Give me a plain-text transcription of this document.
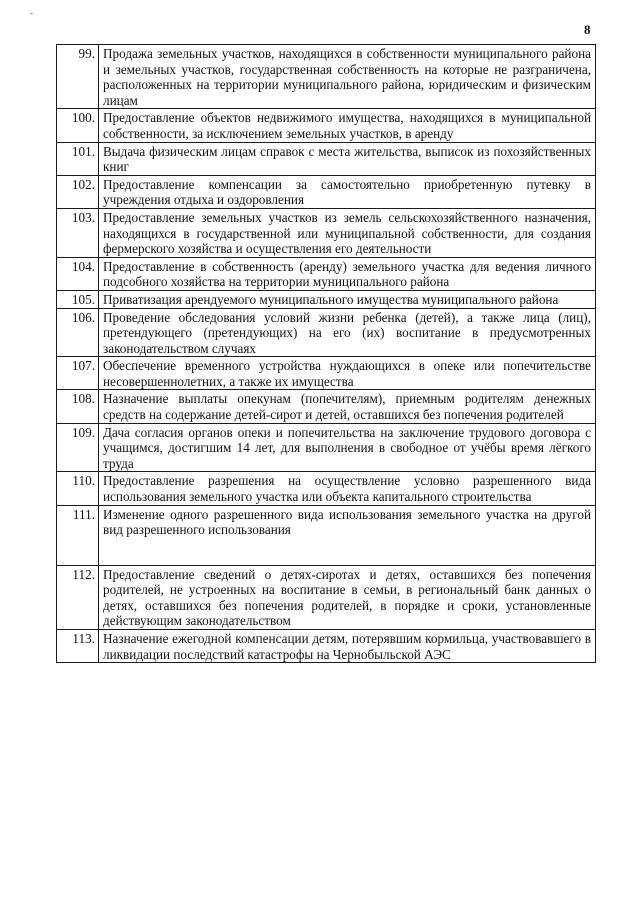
-
8
99.	Продажа земельных участков, находящихся в собственности муниципального района и земельных участков, государственная собственность на которые не разграничена, расположенных на территории муниципального района, юридическим и физическим лицам
100.	Предоставление объектов недвижимого имущества, находящихся в муниципальной собственности, за исключением земельных участков, в аренду
101.	Выдача физическим лицам справок с места жительства, выписок из похозяйственных книг
102.	Предоставление компенсации за самостоятельно приобретенную путевку в учреждения отдыха и оздоровления
103.	Предоставление земельных участков из земель сельскохозяйственного назначения, находящихся в государственной или муниципальной собственности, для создания фермерского хозяйства и осуществления его деятельности
104.	Предоставление в собственность (аренду) земельного участка для ведения личного подсобного хозяйства на территории муниципального района
105.	Приватизация арендуемого муниципального имущества муниципального района
106.	Проведение обследования условий жизни ребенка (детей), а также лица (лиц), претендующего (претендующих) на его (их) воспитание в предусмотренных законодательством случаях
107.	Обеспечение временного устройства нуждающихся в опеке или попечительстве несовершеннолетних, а также их имущества
108.	Назначение выплаты опекунам (попечителям), приемным родителям денежных средств на содержание детей-сирот и детей, оставшихся без попечения родителей
109.	Дача согласия органов опеки и попечительства на заключение трудового договора с учащимся, достигшим 14 лет, для выполнения в свободное от учёбы время лёгкого труда
110.	Предоставление разрешения на осуществление условно разрешенного вида использования земельного участка или объекта капитального строительства
111.	Изменение одного разрешенного вида использования земельного участка на другой вид разрешенного использования
112.	Предоставление сведений о детях-сиротах и детях, оставшихся без попечения родителей, не устроенных на воспитание в семьи, в региональный банк данных о детях, оставшихся без попечения родителей, в порядке и сроки, установленные действующим законодательством
113.	Назначение ежегодной компенсации детям, потерявшим кормильца, участвовавшего в ликвидации последствий катастрофы на Чернобыльской АЭС
